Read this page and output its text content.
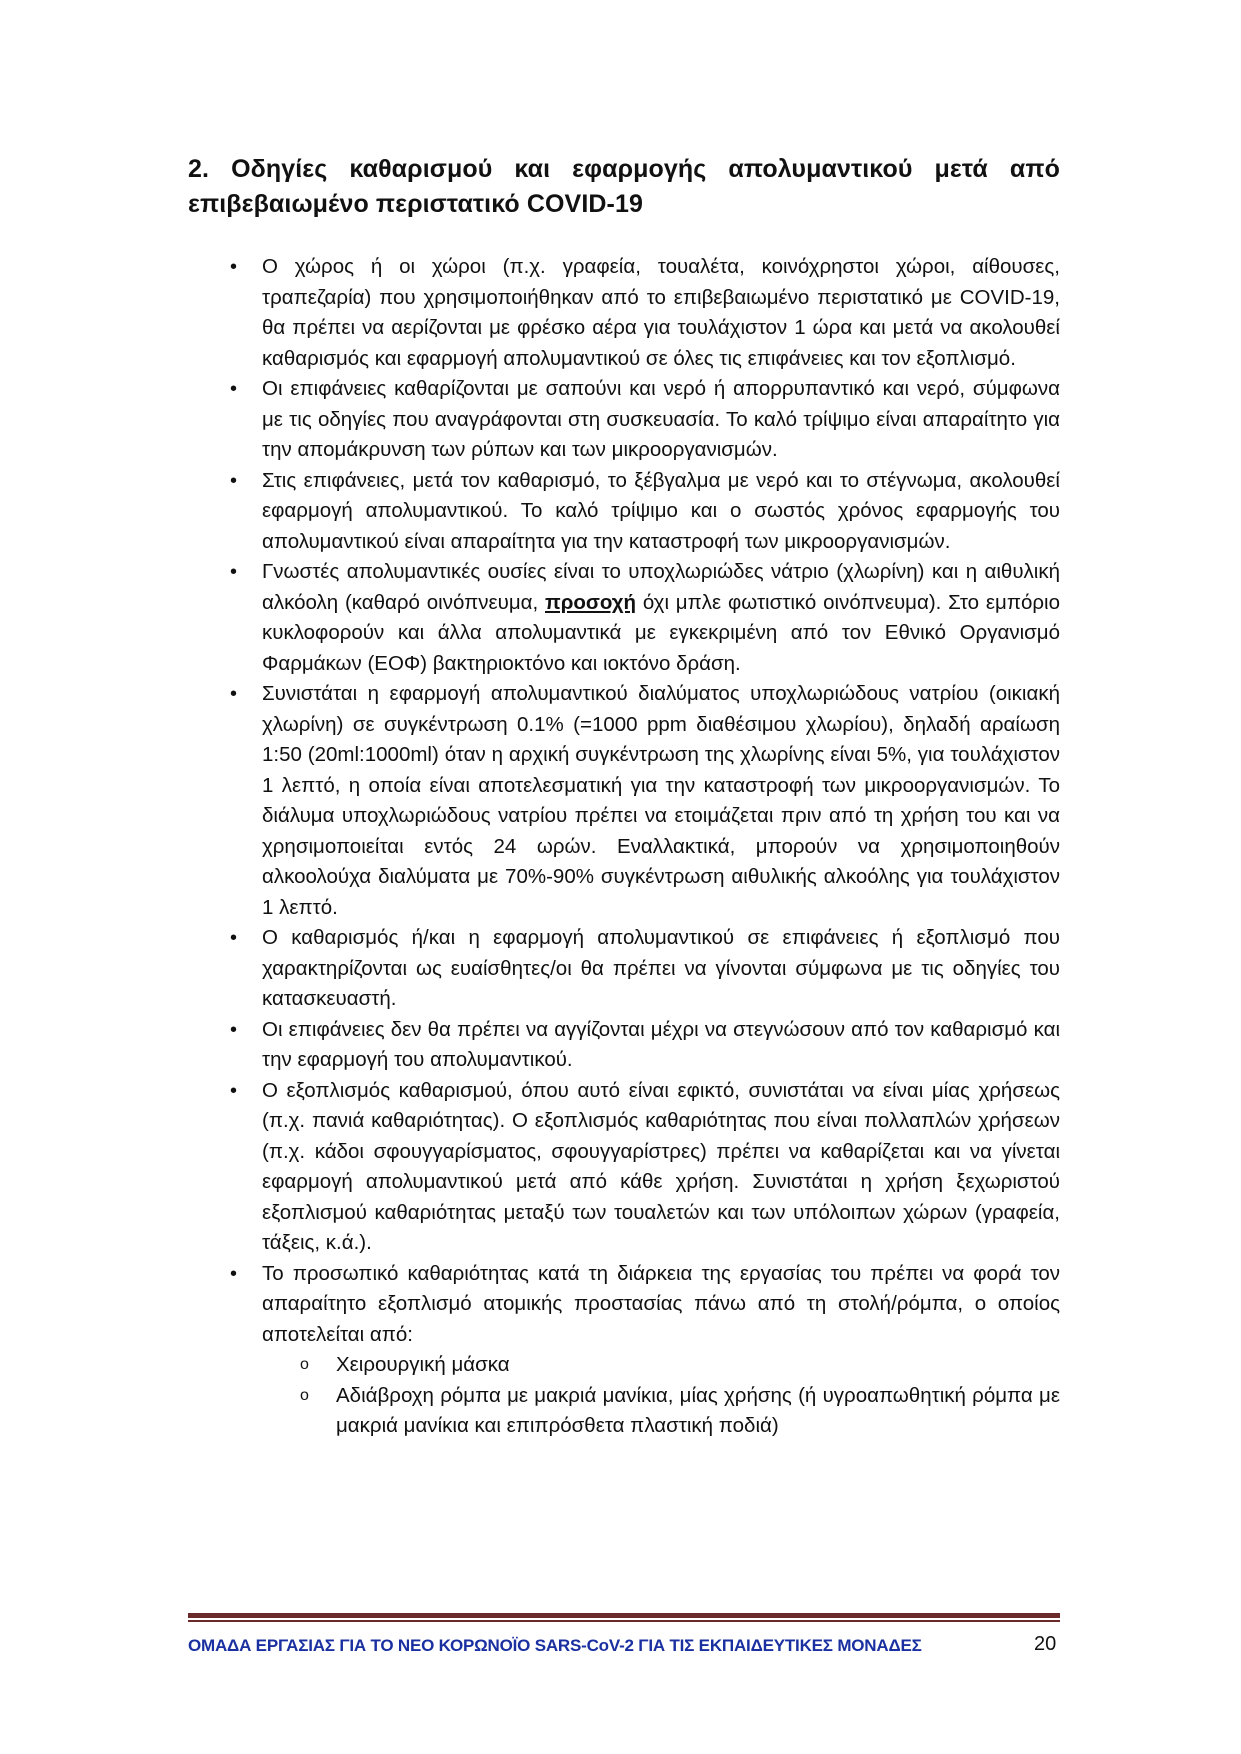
2. Οδηγίες καθαρισμού και εφαρμογής απολυμαντικού μετά από επιβεβαιωμένο περιστατικό COVID-19
• Ο χώρος ή οι χώροι (π.χ. γραφεία, τουαλέτα, κοινόχρηστοι χώροι, αίθουσες, τραπεζαρία) που χρησιμοποιήθηκαν από το επιβεβαιωμένο περιστατικό με COVID-19, θα πρέπει να αερίζονται με φρέσκο αέρα για τουλάχιστον 1 ώρα και μετά να ακολουθεί καθαρισμός και εφαρμογή απολυμαντικού σε όλες τις επιφάνειες και τον εξοπλισμό.
• Οι επιφάνειες καθαρίζονται με σαπούνι και νερό ή απορρυπαντικό και νερό, σύμφωνα με τις οδηγίες που αναγράφονται στη συσκευασία. Το καλό τρίψιμο είναι απαραίτητο για την απομάκρυνση των ρύπων και των μικροοργανισμών.
• Στις επιφάνειες, μετά τον καθαρισμό, το ξέβγαλμα με νερό και το στέγνωμα, ακολουθεί εφαρμογή απολυμαντικού. Το καλό τρίψιμο και ο σωστός χρόνος εφαρμογής του απολυμαντικού είναι απαραίτητα για την καταστροφή των μικροοργανισμών.
• Γνωστές απολυμαντικές ουσίες είναι το υποχλωριώδες νάτριο (χλωρίνη) και η αιθυλική αλκόολη (καθαρό οινόπνευμα, προσοχή όχι μπλε φωτιστικό οινόπνευμα). Στο εμπόριο κυκλοφορούν και άλλα απολυμαντικά με εγκεκριμένη από τον Εθνικό Οργανισμό Φαρμάκων (ΕΟΦ) βακτηριοκτόνο και ιοκτόνο δράση.
• Συνιστάται η εφαρμογή απολυμαντικού διαλύματος υποχλωριώδους νατρίου (οικιακή χλωρίνη) σε συγκέντρωση 0.1% (=1000 ppm διαθέσιμου χλωρίου), δηλαδή αραίωση 1:50 (20ml:1000ml) όταν η αρχική συγκέντρωση της χλωρίνης είναι 5%, για τουλάχιστον 1 λεπτό, η οποία είναι αποτελεσματική για την καταστροφή των μικροοργανισμών. Το διάλυμα υποχλωριώδους νατρίου πρέπει να ετοιμάζεται πριν από τη χρήση του και να χρησιμοποιείται εντός 24 ωρών. Εναλλακτικά, μπορούν να χρησιμοποιηθούν αλκοολούχα διαλύματα με 70%-90% συγκέντρωση αιθυλικής αλκοόλης για τουλάχιστον 1 λεπτό.
• Ο καθαρισμός ή/και η εφαρμογή απολυμαντικού σε επιφάνειες ή εξοπλισμό που χαρακτηρίζονται ως ευαίσθητες/οι θα πρέπει να γίνονται σύμφωνα με τις οδηγίες του κατασκευαστή.
• Οι επιφάνειες δεν θα πρέπει να αγγίζονται μέχρι να στεγνώσουν από τον καθαρισμό και την εφαρμογή του απολυμαντικού.
• Ο εξοπλισμός καθαρισμού, όπου αυτό είναι εφικτό, συνιστάται να είναι μίας χρήσεως (π.χ. πανιά καθαριότητας). Ο εξοπλισμός καθαριότητας που είναι πολλαπλών χρήσεων (π.χ. κάδοι σφουγγαρίσματος, σφουγγαρίστρες) πρέπει να καθαρίζεται και να γίνεται εφαρμογή απολυμαντικού μετά από κάθε χρήση. Συνιστάται η χρήση ξεχωριστού εξοπλισμού καθαριότητας μεταξύ των τουαλετών και των υπόλοιπων χώρων (γραφεία, τάξεις, κ.ά.).
• Το προσωπικό καθαριότητας κατά τη διάρκεια της εργασίας του πρέπει να φορά τον απαραίτητο εξοπλισμό ατομικής προστασίας πάνω από τη στολή/ρόμπα, ο οποίος αποτελείται από:
o Χειρουργική μάσκα
o Αδιάβροχη ρόμπα με μακριά μανίκια, μίας χρήσης (ή υγροαπωθητική ρόμπα με μακριά μανίκια και επιπρόσθετα πλαστική ποδιά)
ΟΜΑΔΑ ΕΡΓΑΣΙΑΣ ΓΙΑ ΤΟ ΝΕΟ ΚΟΡΩΝΟΪΟ SARS-CoV-2 ΓΙΑ ΤΙΣ ΕΚΠΑΙΔΕΥΤΙΚΕΣ ΜΟΝΑΔΕΣ	20
